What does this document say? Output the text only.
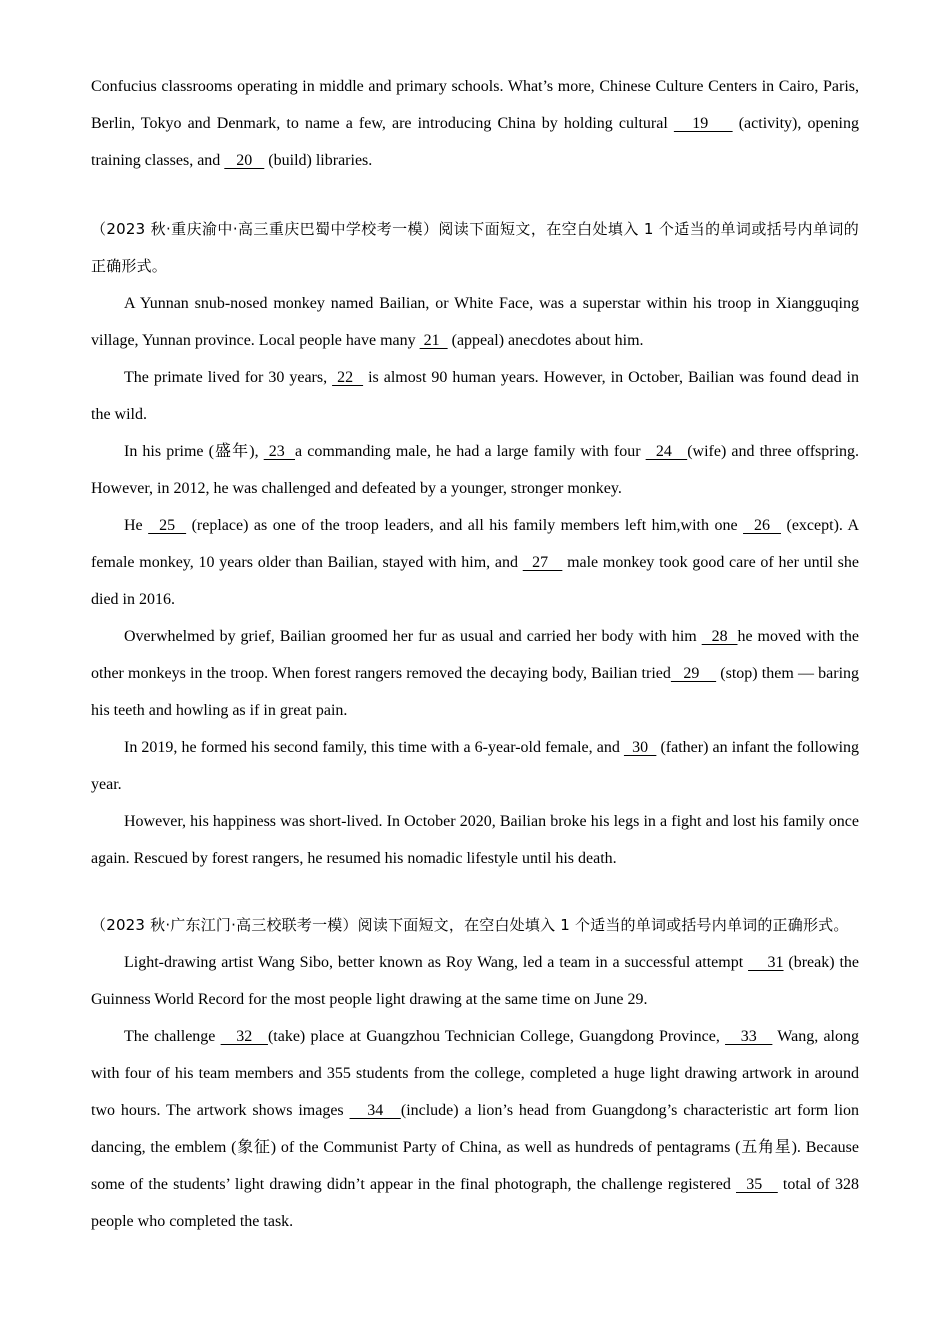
Confucius classrooms operating in middle and primary schools. What’s more, Chinese Culture Centers in Cairo, Paris, Berlin, Tokyo and Denmark, to name a few, are introducing China by holding cultural    19     (activity), opening training classes, and    20    (build) libraries.

（2023 秋·重庆渝中·高三重庆巴蜀中学校考一模）阅读下面短文，在空白处填入 1 个适当的单词或括号内单词的正确形式。

A Yunnan snub-nosed monkey named Bailian, or White Face, was a superstar within his troop in Xiangguqing village, Yunnan province. Local people have many  21   (appeal) anecdotes about him.

The primate lived for 30 years,  22   is almost 90 human years. However, in October, Bailian was found dead in the wild.

In his prime (盛年),  23  a commanding male, he had a large family with four   24   (wife) and three offspring. However, in 2012, he was challenged and defeated by a younger, stronger monkey.

He   25   (replace) as one of the troop leaders, and all his family members left him,with one   26   (except). A female monkey, 10 years older than Bailian, stayed with him, and   27    male monkey took good care of her until she died in 2016.

Overwhelmed by grief, Bailian groomed her fur as usual and carried her body with him   28  he moved with the other monkeys in the troop. When forest rangers removed the decaying body, Bailian tried   29     (stop) them — baring his teeth and howling as if in great pain.

In 2019, he formed his second family, this time with a 6-year-old female, and   30   (father) an infant the following year.

However, his happiness was short-lived. In October 2020, Bailian broke his legs in a fight and lost his family once again. Rescued by forest rangers, he resumed his nomadic lifestyle until his death.

（2023 秋·广东江门·高三校联考一模）阅读下面短文，在空白处填入 1 个适当的单词或括号内单词的正确形式。

Light-drawing artist Wang Sibo, better known as Roy Wang, led a team in a successful attempt     31 (break) the Guinness World Record for the most people light drawing at the same time on June 29.

The challenge    32   (take) place at Guangzhou Technician College, Guangdong Province,    33    Wang, along with four of his team members and 355 students from the college, completed a huge light drawing artwork in around two hours. The artwork shows images    34   (include) a lion’s head from Guangdong’s characteristic art form lion dancing, the emblem (象征) of the Communist Party of China, as well as hundreds of pentagrams (五角星). Because some of the students’ light drawing didn’t appear in the final photograph, the challenge registered   35    total of 328 people who completed the task.
